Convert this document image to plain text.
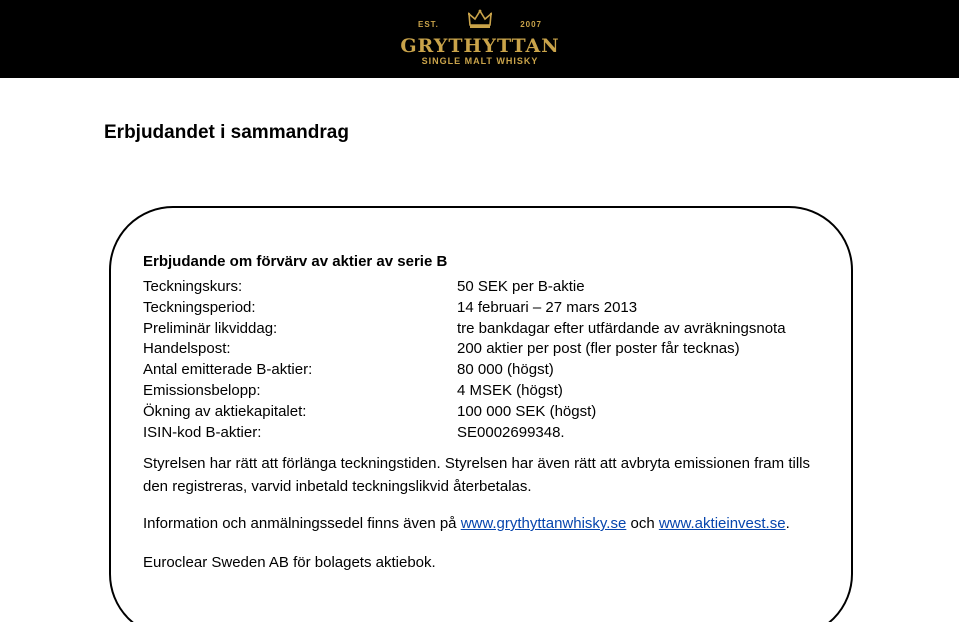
EST.	2007
GRYTHYTTAN
SINGLE MALT WHISKY
Erbjudandet i sammandrag
Erbjudande om förvärv av aktier av serie B
Teckningskurs:	50 SEK per B-aktie
Teckningsperiod:	14 februari – 27 mars 2013
Preliminär likviddag:	tre bankdagar efter utfärdande av avräkningsnota
Handelspost:	200 aktier per post (fler poster får tecknas)
Antal emitterade B-aktier:	80 000 (högst)
Emissionsbelopp:	4 MSEK (högst)
Ökning av aktiekapitalet:	100 000 SEK (högst)
ISIN-kod B-aktier:	SE0002699348.
Styrelsen har rätt att förlänga teckningstiden. Styrelsen har även rätt att avbryta emissionen fram tills den registreras, varvid inbetald teckningslikvid återbetalas.
Information och anmälningssedel finns även på www.grythyttanwhisky.se och www.aktieinvest.se.
Euroclear Sweden AB för bolagets aktiebok.
